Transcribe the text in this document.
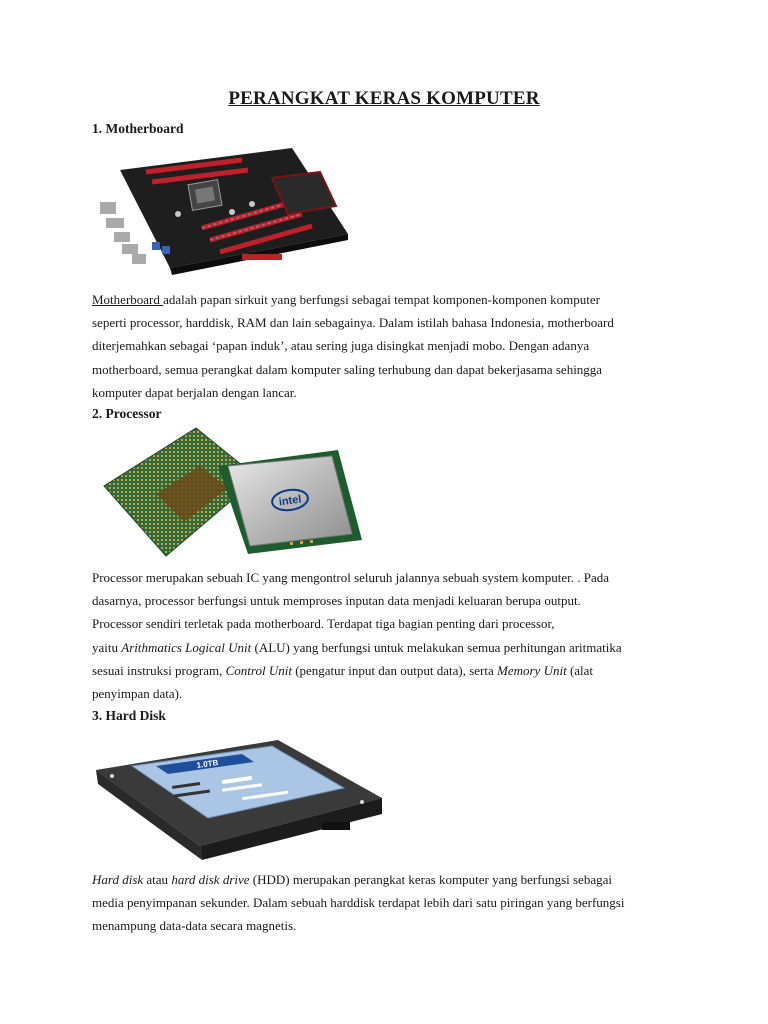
PERANGKAT KERAS KOMPUTER
1. Motherboard

Motherboard adalah papan sirkuit yang berfungsi sebagai tempat komponen-komponen komputer

seperti processor, harddisk, RAM dan lain sebagainya. Dalam istilah bahasa Indonesia, motherboard

diterjemahkan sebagai ‘papan induk’, atau sering juga disingkat menjadi mobo. Dengan adanya

motherboard, semua perangkat dalam komputer saling terhubung dan dapat bekerjasama sehingga

komputer dapat berjalan dengan lancar.

2. Processor
intel

Processor merupakan sebuah IC yang mengontrol seluruh jalannya sebuah system komputer. . Pada

dasarnya, processor berfungsi untuk memproses inputan data menjadi keluaran berupa output.

Processor sendiri terletak pada motherboard. Terdapat tiga bagian penting dari processor,

yaitu Arithmatics Logical Unit (ALU) yang berfungsi untuk melakukan semua perhitungan aritmatika

sesuai instruksi program, Control Unit (pengatur input dan output data), serta Memory Unit (alat

penyimpan data).

3. Hard Disk
1.0TB

Hard disk atau hard disk drive (HDD) merupakan perangkat keras komputer yang berfungsi sebagai

media penyimpanan sekunder. Dalam sebuah harddisk terdapat lebih dari satu piringan yang berfungsi

menampung data-data secara magnetis.
